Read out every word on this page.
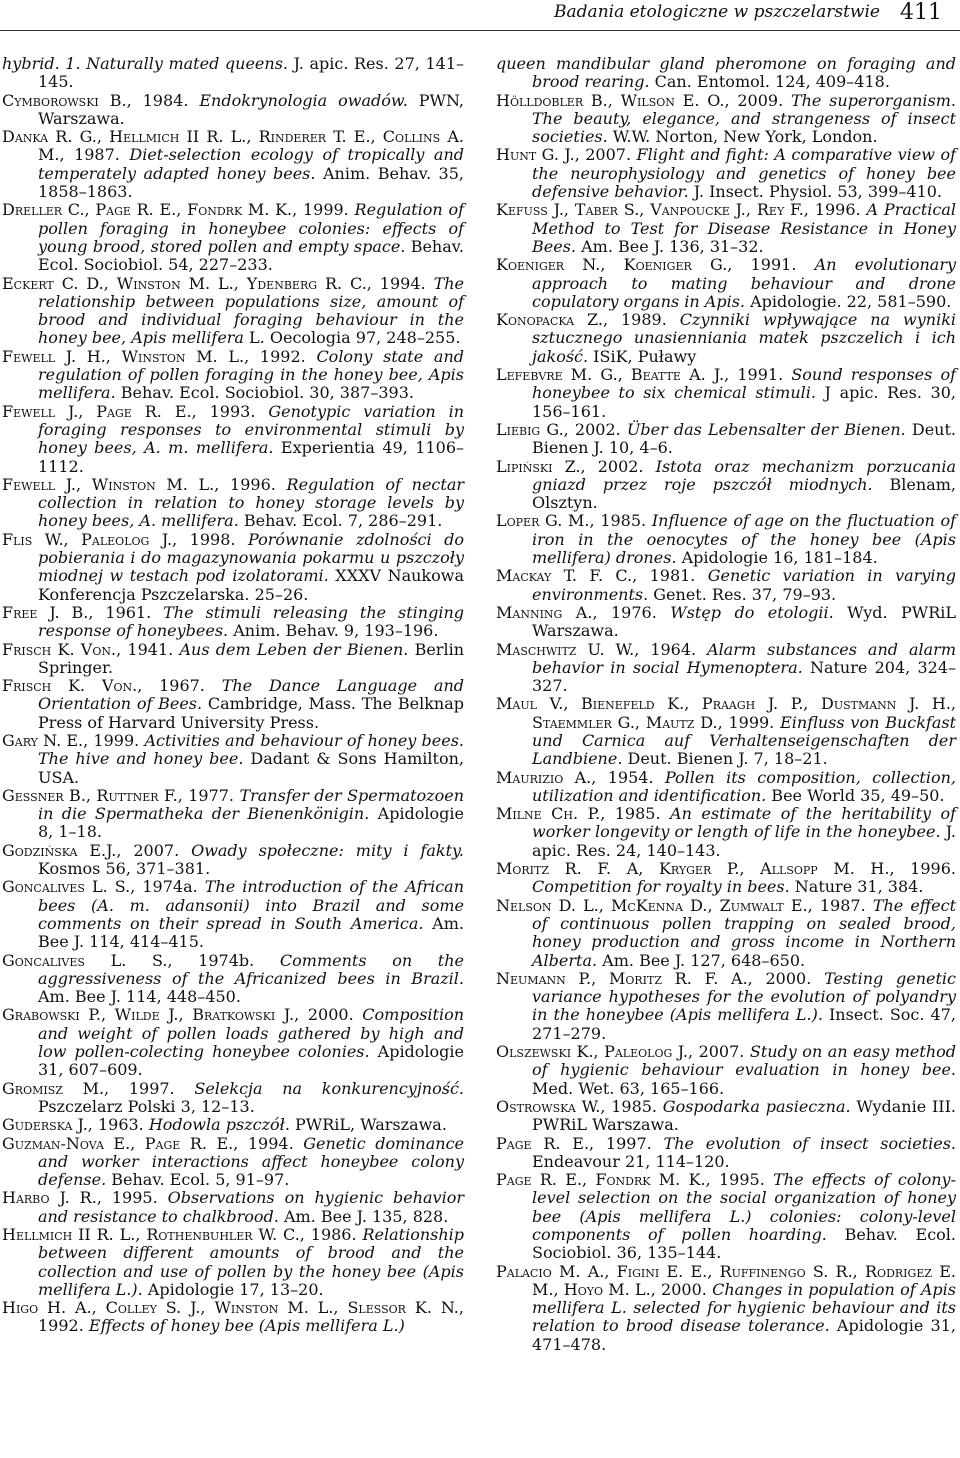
Badania etologiczne w pszczelarstwie 411

hybrid. 1. Naturally mated queens. J. apic. Res. 27, 141–145.

Cymborowski B., 1984. Endokrynologia owadów. PWN, Warszawa.

Danka R. G., Hellmich II R. L., Rinderer T. E., Collins A. M., 1987. Diet-selection ecology of tropically and temperately adapted honey bees. Anim. Behav. 35, 1858–1863.

Dreller C., Page R. E., Fondrk M. K., 1999. Regulation of pollen foraging in honeybee colonies: effects of young brood, stored pollen and empty space. Behav. Ecol. Sociobiol. 54, 227–233.

Eckert C. D., Winston M. L., Ydenberg R. C., 1994. The relationship between populations size, amount of brood and individual foraging behaviour in the honey bee, Apis mellifera L. Oecologia 97, 248–255.

Fewell J. H., Winston M. L., 1992. Colony state and regulation of pollen foraging in the honey bee, Apis mellifera. Behav. Ecol. Sociobiol. 30, 387–393.

Fewell J., Page R. E., 1993. Genotypic variation in foraging responses to environmental stimuli by honey bees, A. m. mellifera. Experientia 49, 1106–1112.

Fewell J., Winston M. L., 1996. Regulation of nectar collection in relation to honey storage levels by honey bees, A. mellifera. Behav. Ecol. 7, 286–291.

Flis W., Paleolog J., 1998. Porównanie zdolności do pobierania i do magazynowania pokarmu u pszczoły miodnej w testach pod izolatorami. XXXV Naukowa Konferencja Pszczelarska. 25–26.

Free J. B., 1961. The stimuli releasing the stinging response of honeybees. Anim. Behav. 9, 193–196.

Frisch K. Von., 1941. Aus dem Leben der Bienen. Berlin Springer.

Frisch K. Von., 1967. The Dance Language and Orientation of Bees. Cambridge, Mass. The Belknap Press of Harvard University Press.

Gary N. E., 1999. Activities and behaviour of honey bees. The hive and honey bee. Dadant & Sons Hamilton, USA.

Gessner B., Ruttner F., 1977. Transfer der Spermatozoen in die Spermatheka der Bienenkönigin. Apidologie 8, 1–18.

Godzińska E.J., 2007. Owady społeczne: mity i fakty. Kosmos 56, 371–381.

Goncalives L. S., 1974a. The introduction of the African bees (A. m. adansonii) into Brazil and some comments on their spread in South America. Am. Bee J. 114, 414–415.

Goncalives L. S., 1974b. Comments on the aggressiveness of the Africanized bees in Brazil. Am. Bee J. 114, 448–450.

Grabowski P., Wilde J., Bratkowski J., 2000. Composition and weight of pollen loads gathered by high and low pollen-colecting honeybee colonies. Apidologie 31, 607–609.

Gromisz M., 1997. Selekcja na konkurencyjność. Pszczelarz Polski 3, 12–13.

Guderska J., 1963. Hodowla pszczół. PWRiL, Warszawa.

Guzman-Nova E., Page R. E., 1994. Genetic dominance and worker interactions affect honeybee colony defense. Behav. Ecol. 5, 91–97.

Harbo J. R., 1995. Observations on hygienic behavior and resistance to chalkbrood. Am. Bee J. 135, 828.

Hellmich II R. L., Rothenbuhler W. C., 1986. Relationship between different amounts of brood and the collection and use of pollen by the honey bee (Apis mellifera L.). Apidologie 17, 13–20.

Higo H. A., Colley S. J., Winston M. L., Slessor K. N., 1992. Effects of honey bee (Apis mellifera L.)

queen mandibular gland pheromone on foraging and brood rearing. Can. Entomol. 124, 409–418.

Hölldobler B., Wilson E. O., 2009. The superorganism. The beauty, elegance, and strangeness of insect societies. W.W. Norton, New York, London.

Hunt G. J., 2007. Flight and fight: A comparative view of the neurophysiology and genetics of honey bee defensive behavior. J. Insect. Physiol. 53, 399–410.

Kefuss J., Taber S., Vanpoucke J., Rey F., 1996. A Practical Method to Test for Disease Resistance in Honey Bees. Am. Bee J. 136, 31–32.

Koeniger N., Koeniger G., 1991. An evolutionary approach to mating behaviour and drone copulatory organs in Apis. Apidologie. 22, 581–590.

Konopacka Z., 1989. Czynniki wpływające na wyniki sztucznego unasienniania matek pszczelich i ich jakość. ISiK, Puławy

Lefebvre M. G., Beatte A. J., 1991. Sound responses of honeybee to six chemical stimuli. J apic. Res. 30, 156–161.

Liebig G., 2002. Über das Lebensalter der Bienen. Deut. Bienen J. 10, 4–6.

Lipiński Z., 2002. Istota oraz mechanizm porzucania gniazd przez roje pszczół miodnych. Blenam, Olsztyn.

Loper G. M., 1985. Influence of age on the fluctuation of iron in the oenocytes of the honey bee (Apis mellifera) drones. Apidologie 16, 181–184.

Mackay T. F. C., 1981. Genetic variation in varying environments. Genet. Res. 37, 79–93.

Manning A., 1976. Wstęp do etologii. Wyd. PWRiL Warszawa.

Maschwitz U. W., 1964. Alarm substances and alarm behavior in social Hymenoptera. Nature 204, 324–327.

Maul V., Bienefeld K., Praagh J. P., Dustmann J. H., Staemmler G., Mautz D., 1999. Einfluss von Buckfast und Carnica auf Verhaltenseigenschaften der Landbiene. Deut. Bienen J. 7, 18–21.

Maurizio A., 1954. Pollen its composition, collection, utilization and identification. Bee World 35, 49–50.

Milne Ch. P., 1985. An estimate of the heritability of worker longevity or length of life in the honeybee. J. apic. Res. 24, 140–143.

Moritz R. F. A, Kryger P., Allsopp M. H., 1996. Competition for royalty in bees. Nature 31, 384.

Nelson D. L., McKenna D., Zumwalt E., 1987. The effect of continuous pollen trapping on sealed brood, honey production and gross income in Northern Alberta. Am. Bee J. 127, 648–650.

Neumann P., Moritz R. F. A., 2000. Testing genetic variance hypotheses for the evolution of polyandry in the honeybee (Apis mellifera L.). Insect. Soc. 47, 271–279.

Olszewski K., Paleolog J., 2007. Study on an easy method of hygienic behaviour evaluation in honey bee. Med. Wet. 63, 165–166.

Ostrowska W., 1985. Gospodarka pasieczna. Wydanie III. PWRiL Warszawa.

Page R. E., 1997. The evolution of insect societies. Endeavour 21, 114–120.

Page R. E., Fondrk M. K., 1995. The effects of colony-level selection on the social organization of honey bee (Apis mellifera L.) colonies: colony-level components of pollen hoarding. Behav. Ecol. Sociobiol. 36, 135–144.

Palacio M. A., Figini E. E., Ruffinengo S. R., Rodrigez E. M., Hoyo M. L., 2000. Changes in population of Apis mellifera L. selected for hygienic behaviour and its relation to brood disease tolerance. Apidologie 31, 471–478.
